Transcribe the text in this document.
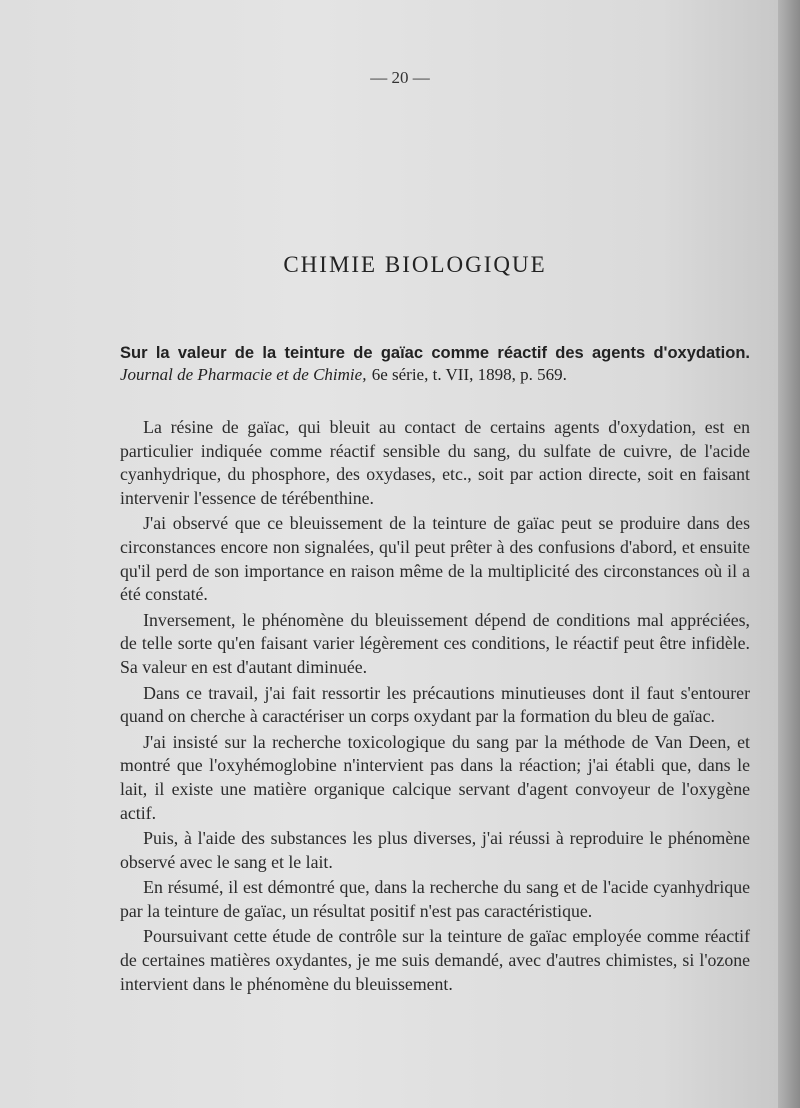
— 20 —
CHIMIE BIOLOGIQUE
Sur la valeur de la teinture de gaïac comme réactif des agents d'oxydation. Journal de Pharmacie et de Chimie, 6e série, t. VII, 1898, p. 569.

La résine de gaïac, qui bleuit au contact de certains agents d'oxydation, est en particulier indiquée comme réactif sensible du sang, du sulfate de cuivre, de l'acide cyanhydrique, du phosphore, des oxydases, etc., soit par action directe, soit en faisant intervenir l'essence de térébenthine.

J'ai observé que ce bleuissement de la teinture de gaïac peut se produire dans des circonstances encore non signalées, qu'il peut prêter à des confusions d'abord, et ensuite qu'il perd de son importance en raison même de la multiplicité des circonstances où il a été constaté.

Inversement, le phénomène du bleuissement dépend de conditions mal appréciées, de telle sorte qu'en faisant varier légèrement ces conditions, le réactif peut être infidèle. Sa valeur en est d'autant diminuée.

Dans ce travail, j'ai fait ressortir les précautions minutieuses dont il faut s'entourer quand on cherche à caractériser un corps oxydant par la formation du bleu de gaïac.

J'ai insisté sur la recherche toxicologique du sang par la méthode de Van Deen, et montré que l'oxyhémoglobine n'intervient pas dans la réaction; j'ai établi que, dans le lait, il existe une matière organique calcique servant d'agent convoyeur de l'oxygène actif.

Puis, à l'aide des substances les plus diverses, j'ai réussi à reproduire le phénomène observé avec le sang et le lait.

En résumé, il est démontré que, dans la recherche du sang et de l'acide cyanhydrique par la teinture de gaïac, un résultat positif n'est pas caractéristique.

Poursuivant cette étude de contrôle sur la teinture de gaïac employée comme réactif de certaines matières oxydantes, je me suis demandé, avec d'autres chimistes, si l'ozone intervient dans le phénomène du bleuissement.
